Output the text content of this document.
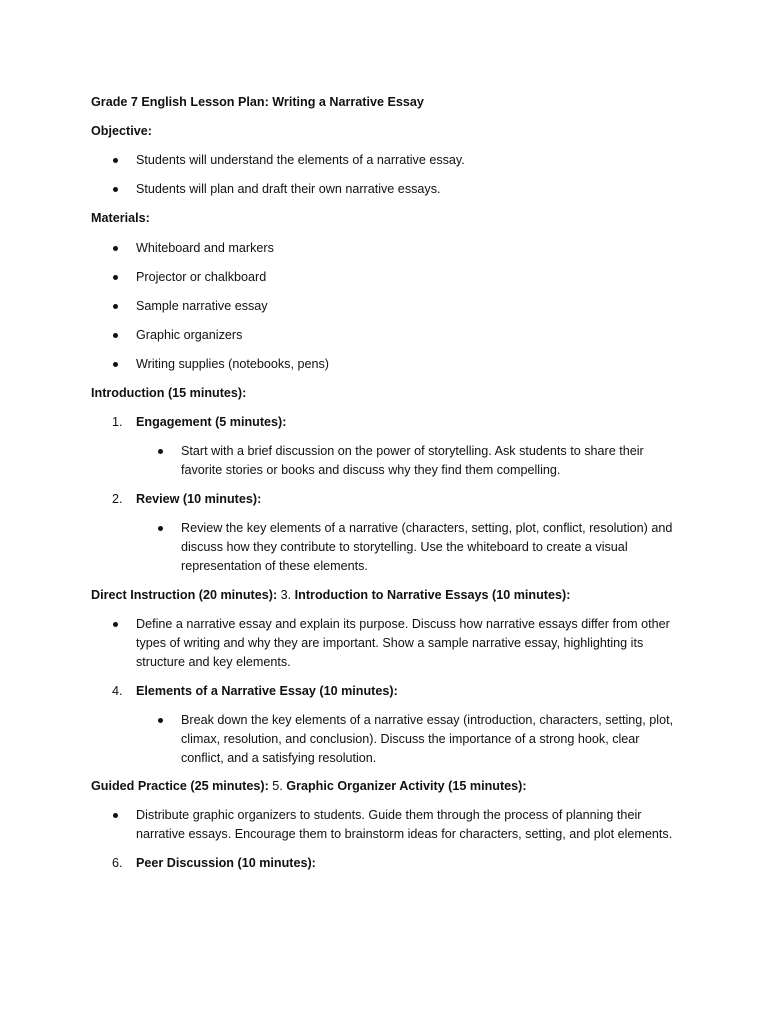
Grade 7 English Lesson Plan: Writing a Narrative Essay
Objective:
Students will understand the elements of a narrative essay.
Students will plan and draft their own narrative essays.
Materials:
Whiteboard and markers
Projector or chalkboard
Sample narrative essay
Graphic organizers
Writing supplies (notebooks, pens)
Introduction (15 minutes):
1. Engagement (5 minutes):
Start with a brief discussion on the power of storytelling. Ask students to share their
favorite stories or books and discuss why they find them compelling.
2. Review (10 minutes):
Review the key elements of a narrative (characters, setting, plot, conflict, resolution) and
discuss how they contribute to storytelling. Use the whiteboard to create a visual
representation of these elements.
Direct Instruction (20 minutes): 3. Introduction to Narrative Essays (10 minutes):
Define a narrative essay and explain its purpose. Discuss how narrative essays differ from other
types of writing and why they are important. Show a sample narrative essay, highlighting its
structure and key elements.
4. Elements of a Narrative Essay (10 minutes):
Break down the key elements of a narrative essay (introduction, characters, setting, plot,
climax, resolution, and conclusion). Discuss the importance of a strong hook, clear
conflict, and a satisfying resolution.
Guided Practice (25 minutes): 5. Graphic Organizer Activity (15 minutes):
Distribute graphic organizers to students. Guide them through the process of planning their
narrative essays. Encourage them to brainstorm ideas for characters, setting, and plot elements.
6. Peer Discussion (10 minutes):
